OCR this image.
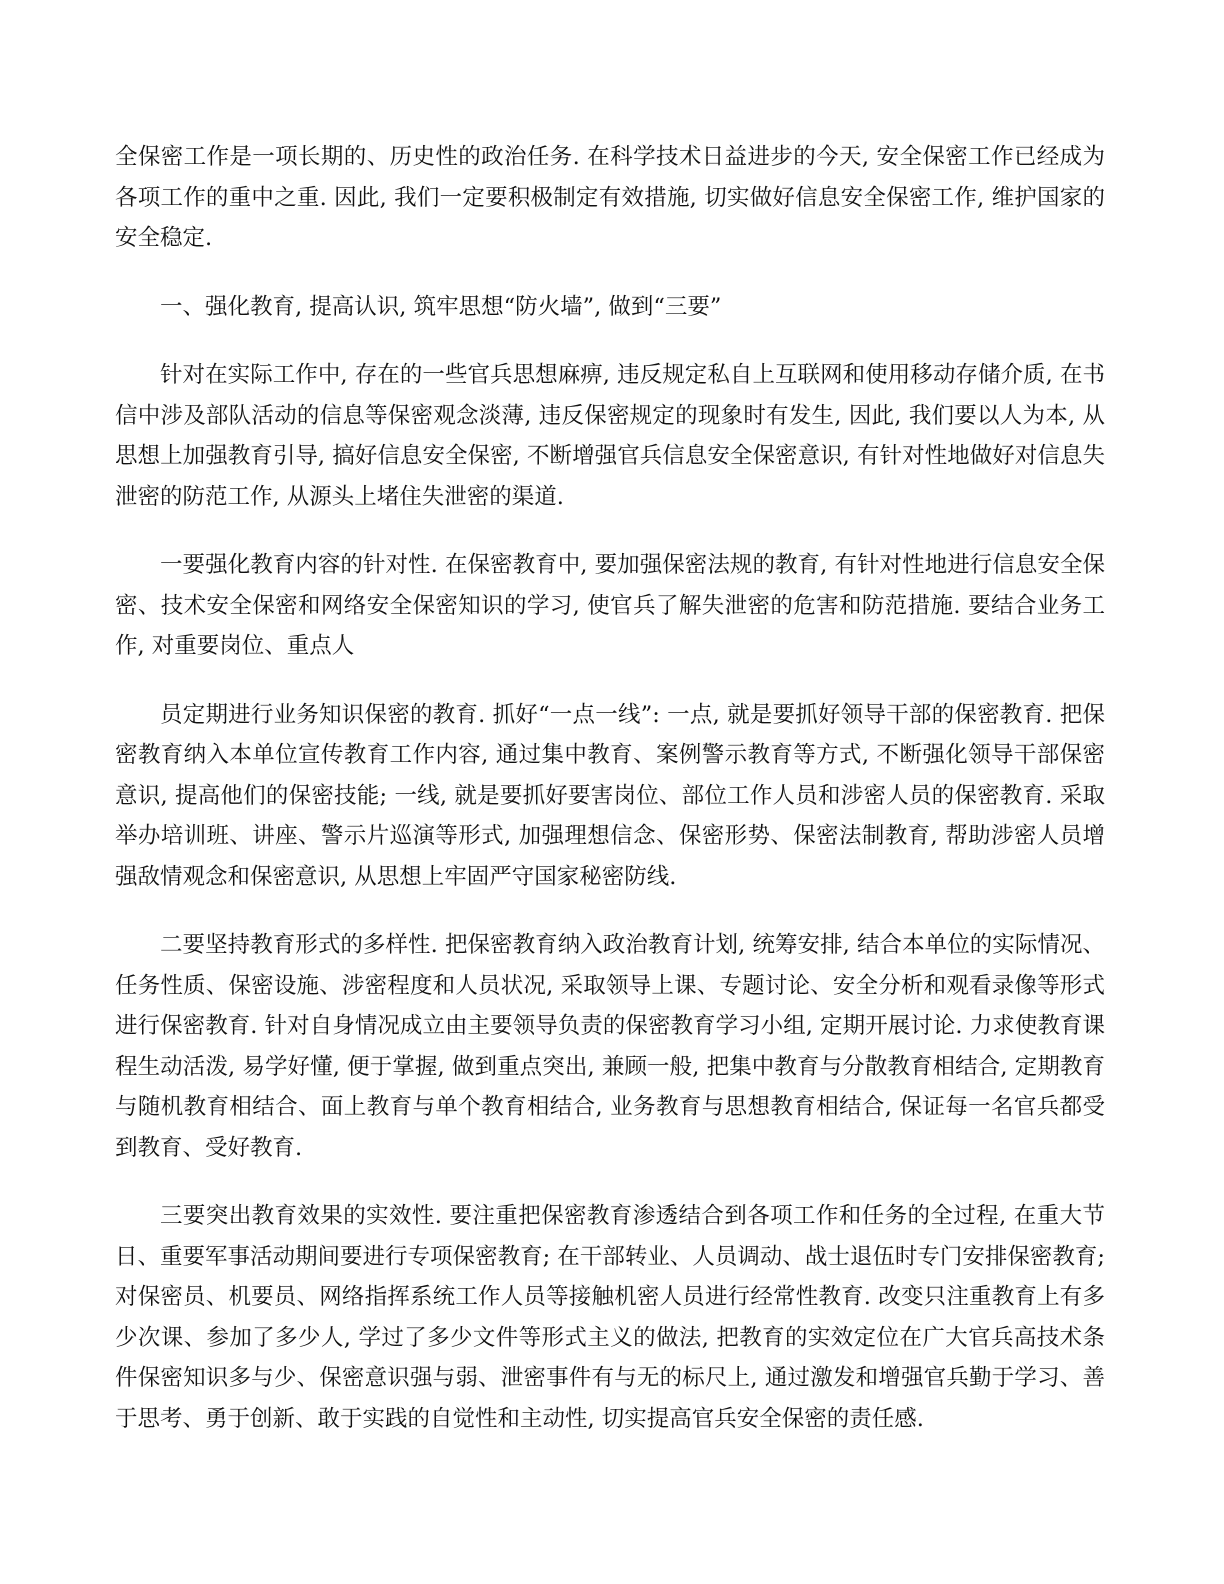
全保密工作是一项长期的、历史性的政治任务. 在科学技术日益进步的今天, 安全保密工作已经成为各项工作的重中之重. 因此, 我们一定要积极制定有效措施, 切实做好信息安全保密工作, 维护国家的安全稳定.

一、强化教育, 提高认识, 筑牢思想“防火墙”, 做到“三要”

针对在实际工作中, 存在的一些官兵思想麻痹, 违反规定私自上互联网和使用移动存储介质, 在书信中涉及部队活动的信息等保密观念淡薄, 违反保密规定的现象时有发生, 因此, 我们要以人为本, 从思想上加强教育引导, 搞好信息安全保密, 不断增强官兵信息安全保密意识, 有针对性地做好对信息失泄密的防范工作, 从源头上堵住失泄密的渠道.

一要强化教育内容的针对性. 在保密教育中, 要加强保密法规的教育, 有针对性地进行信息安全保密、技术安全保密和网络安全保密知识的学习, 使官兵了解失泄密的危害和防范措施. 要结合业务工作, 对重要岗位、重点人

员定期进行业务知识保密的教育. 抓好“一点一线”: 一点, 就是要抓好领导干部的保密教育. 把保密教育纳入本单位宣传教育工作内容, 通过集中教育、案例警示教育等方式, 不断强化领导干部保密意识, 提高他们的保密技能; 一线, 就是要抓好要害岗位、部位工作人员和涉密人员的保密教育. 采取举办培训班、讲座、警示片巡演等形式, 加强理想信念、保密形势、保密法制教育, 帮助涉密人员增强敌情观念和保密意识, 从思想上牢固严守国家秘密防线.

二要坚持教育形式的多样性. 把保密教育纳入政治教育计划, 统筹安排, 结合本单位的实际情况、任务性质、保密设施、涉密程度和人员状况, 采取领导上课、专题讨论、安全分析和观看录像等形式进行保密教育. 针对自身情况成立由主要领导负责的保密教育学习小组, 定期开展讨论. 力求使教育课程生动活泼, 易学好懂, 便于掌握, 做到重点突出, 兼顾一般, 把集中教育与分散教育相结合, 定期教育与随机教育相结合、面上教育与单个教育相结合, 业务教育与思想教育相结合, 保证每一名官兵都受到教育、受好教育.

三要突出教育效果的实效性. 要注重把保密教育渗透结合到各项工作和任务的全过程, 在重大节日、重要军事活动期间要进行专项保密教育; 在干部转业、人员调动、战士退伍时专门安排保密教育; 对保密员、机要员、网络指挥系统工作人员等接触机密人员进行经常性教育. 改变只注重教育上有多少次课、参加了多少人, 学过了多少文件等形式主义的做法, 把教育的实效定位在广大官兵高技术条件保密知识多与少、保密意识强与弱、泄密事件有与无的标尺上, 通过激发和增强官兵勤于学习、善于思考、勇于创新、敢于实践的自觉性和主动性, 切实提高官兵安全保密的责任感.
